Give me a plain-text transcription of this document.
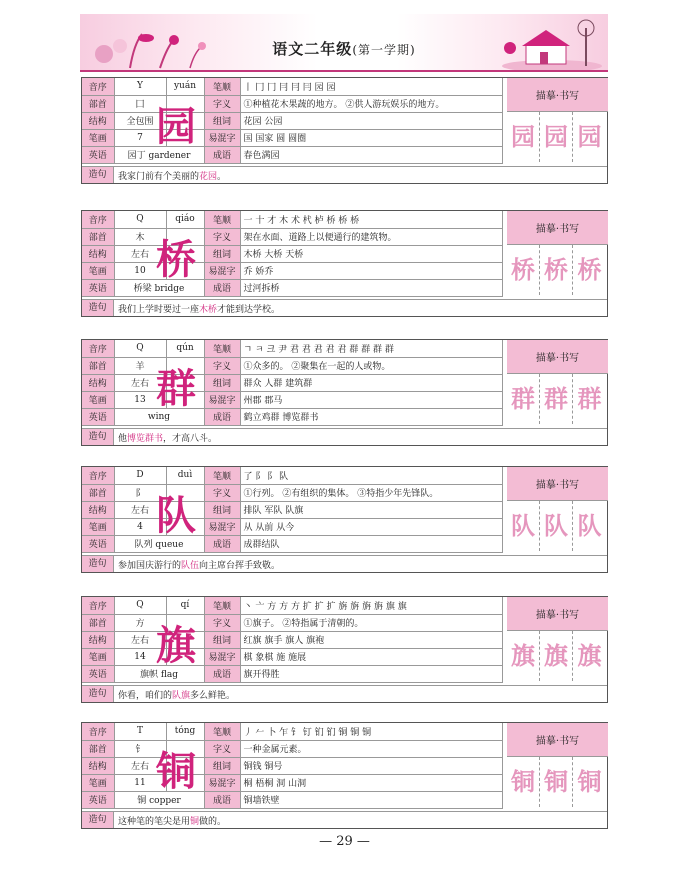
语文二年级(第一学期)
音序	Y	yuán	笔顺	丨 冂 冂 冃 冃 冃 园 园
部首	囗		字义	①种植花木果蔬的地方。 ②供人游玩娱乐的地方。
结构	全包围		组词	花园 公园
笔画	7		易混字	国 国家 圆 圆圈
英语	园丁 gardener		成语	春色满园
园
描摹·书写
园 园 园
造句	我家门前有个美丽的花园。
音序	Q	qiáo	笔顺	一 十 才 木 术 杙 栌 桥 桥 桥
部首	木		字义	架在水面、道路上以便通行的建筑物。
结构	左右		组词	木桥 大桥 天桥
笔画	10		易混字	乔 娇乔
英语	桥梁 bridge		成语	过河拆桥
桥
描摹·书写
桥 桥 桥
造句	我们上学时要过一座木桥才能到达学校。
音序	Q	qún	笔顺	ㄱ ㅋ 크 尹 君 君 君 君 君 群 群 群 群
部首	羊		字义	①众多的。 ②聚集在一起的人或物。
结构	左右		组词	群众 人群 建筑群
笔画	13		易混字	州郡 郡马
英语	wing		成语	鹤立鸡群 博览群书
群
描摹·书写
群 群 群
造句	他博览群书，才高八斗。
音序	D	duì	笔顺	了 阝 阝 队
部首	阝		字义	①行列。 ②有组织的集体。 ③特指少年先锋队。
结构	左右		组词	排队 军队 队旗
笔画	4		易混字	从 从前 从今
英语	队列 queue		成语	成群结队
队
描摹·书写
队 队 队
造句	参加国庆游行的队伍向主席台挥手致敬。
音序	Q	qí	笔顺	丶 亠 方 方 方 扩 扩 扩 旃 旃 旃 旃 旗 旗
部首	方		字义	①旗子。 ②特指属于清朝的。
结构	左右		组词	红旗 旗手 旗人 旗袍
笔画	14		易混字	棋 象棋 施 施展
英语	旗帜 flag		成语	旗开得胜
旗
描摹·书写
旗 旗 旗
造句	你看，咱们的队旗多么鲜艳。
音序	T	tóng	笔顺	丿 𠂉 卜 乍 钅 钉 钔 钔 铜 铜 铜
部首	钅		字义	一种金属元素。
结构	左右		组词	铜钱 铜号
笔画	11		易混字	桐 梧桐 洞 山洞
英语	铜 copper		成语	铜墙铁壁
铜
描摹·书写
铜 铜 铜
造句	这种笔的笔尖是用铜做的。
— 29 —
